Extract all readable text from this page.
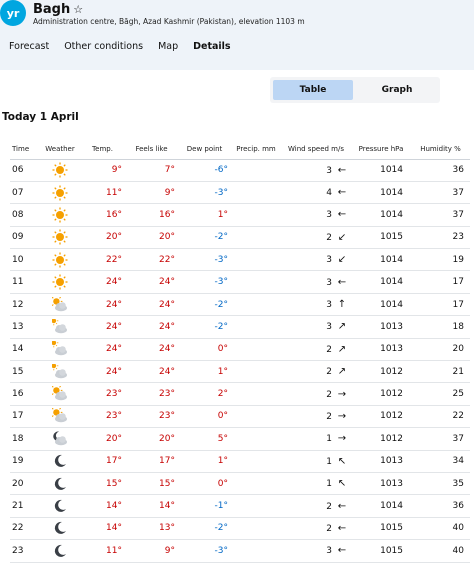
yr	Bagh ☆
Administration centre, Bāgh, Azad Kashmir (Pakistan), elevation 1103 m
Forecast Other conditions Map Details
Table	Graph
Today 1 April
Time	Weather	Temp.	Feels like	Dew point	Precip. mm	Wind speed m/s	Pressure hPa	Humidity %
06		9°	7°	-6°		3 ←	1014	36
07		11°	9°	-3°		4 ←	1014	37
08		16°	16°	1°		3 ←	1014	37
09		20°	20°	-2°		2 ↙	1015	23
10		22°	22°	-3°		3 ↙	1014	19
11		24°	24°	-3°		3 ←	1014	17
12		24°	24°	-2°		3 ↑	1014	17
13		24°	24°	-2°		3 ↗	1013	18
14		24°	24°	0°		2 ↗	1013	20
15		24°	24°	1°		2 ↗	1012	21
16		23°	23°	2°		2 →	1012	25
17		23°	23°	0°		2 →	1012	22
18		20°	20°	5°		1 →	1012	37
19		17°	17°	1°		1 ↖	1013	34
20		15°	15°	0°		1 ↖	1013	35
21		14°	14°	-1°		2 ←	1014	36
22		14°	13°	-2°		2 ←	1015	40
23		11°	9°	-3°		3 ←	1015	40
